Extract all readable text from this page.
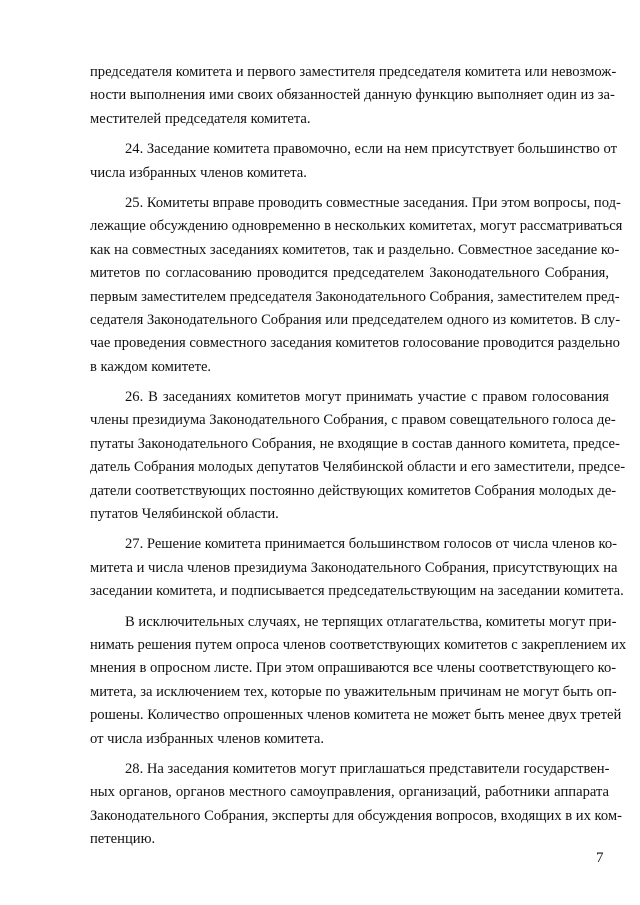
председателя комитета и первого заместителя председателя комитета или невозмож-
ности выполнения ими своих обязанностей данную функцию выполняет один из за-
местителей председателя комитета.
24. Заседание комитета правомочно, если на нем присутствует большинство от
числа избранных членов комитета.
25. Комитеты вправе проводить совместные заседания. При этом вопросы, под-
лежащие обсуждению одновременно в нескольких комитетах, могут рассматриваться
как на совместных заседаниях комитетов, так и раздельно. Совместное заседание ко-
митетов по согласованию проводится председателем Законодательного Собрания,
первым заместителем председателя Законодательного Собрания, заместителем пред-
седателя Законодательного Собрания или председателем одного из комитетов. В слу-
чае проведения совместного заседания комитетов голосование проводится раздельно
в каждом комитете.
26. В заседаниях комитетов могут принимать участие с правом голосования
члены президиума Законодательного Собрания, с правом совещательного голоса де-
путаты Законодательного Собрания, не входящие в состав данного комитета, предсе-
датель Собрания молодых депутатов Челябинской области и его заместители, предсе-
датели соответствующих постоянно действующих комитетов Собрания молодых де-
путатов Челябинской области.
27. Решение комитета принимается большинством голосов от числа членов ко-
митета и числа членов президиума Законодательного Собрания, присутствующих на
заседании комитета, и подписывается председательствующим на заседании комитета.
В исключительных случаях, не терпящих отлагательства, комитеты могут при-
нимать решения путем опроса членов соответствующих комитетов с закреплением их
мнения в опросном листе. При этом опрашиваются все члены соответствующего ко-
митета, за исключением тех, которые по уважительным причинам не могут быть оп-
рошены. Количество опрошенных членов комитета не может быть менее двух третей
от числа избранных членов комитета.
28. На заседания комитетов могут приглашаться представители государствен-
ных органов, органов местного самоуправления, организаций, работники аппарата
Законодательного Собрания, эксперты для обсуждения вопросов, входящих в их ком-
петенцию.
7
